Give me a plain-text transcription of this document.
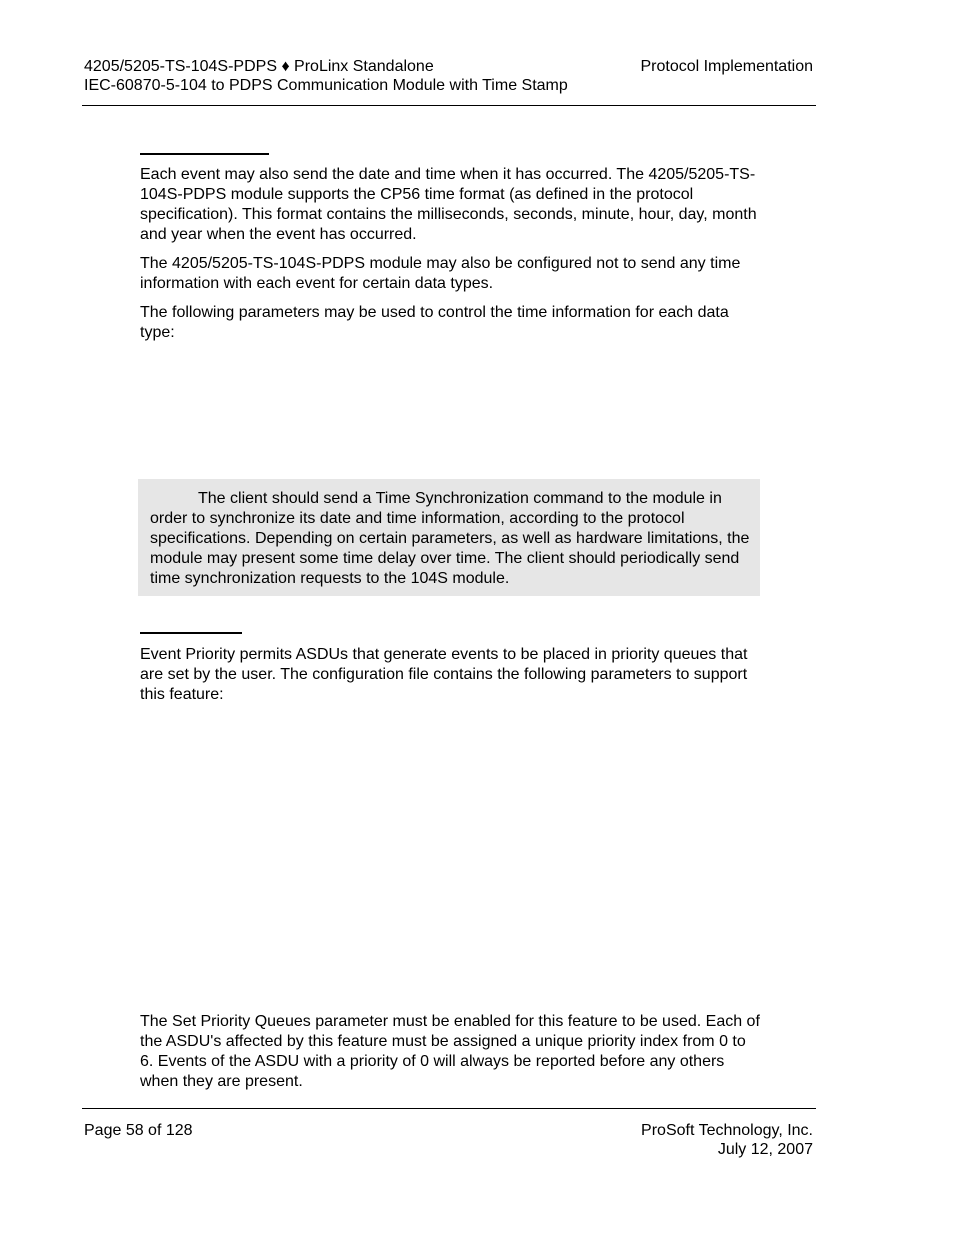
4205/5205-TS-104S-PDPS ♦ ProLinx Standalone
IEC-60870-5-104 to PDPS Communication Module with Time Stamp
Protocol Implementation

Each event may also send the date and time when it has occurred. The 4205/5205-TS-104S-PDPS module supports the CP56 time format (as defined in the protocol specification). This format contains the milliseconds, seconds, minute, hour, day, month and year when the event has occurred.

The 4205/5205-TS-104S-PDPS module may also be configured not to send any time information with each event for certain data types.

The following parameters may be used to control the time information for each data type:

The client should send a Time Synchronization command to the module in order to synchronize its date and time information, according to the protocol specifications. Depending on certain parameters, as well as hardware limitations, the module may present some time delay over time. The client should periodically send time synchronization requests to the 104S module.

Event Priority permits ASDUs that generate events to be placed in priority queues that are set by the user. The configuration file contains the following parameters to support this feature:

The Set Priority Queues parameter must be enabled for this feature to be used. Each of the ASDU's affected by this feature must be assigned a unique priority index from 0 to 6. Events of the ASDU with a priority of 0 will always be reported before any others when they are present.

Page 58 of 128	ProSoft Technology, Inc.
July 12, 2007
